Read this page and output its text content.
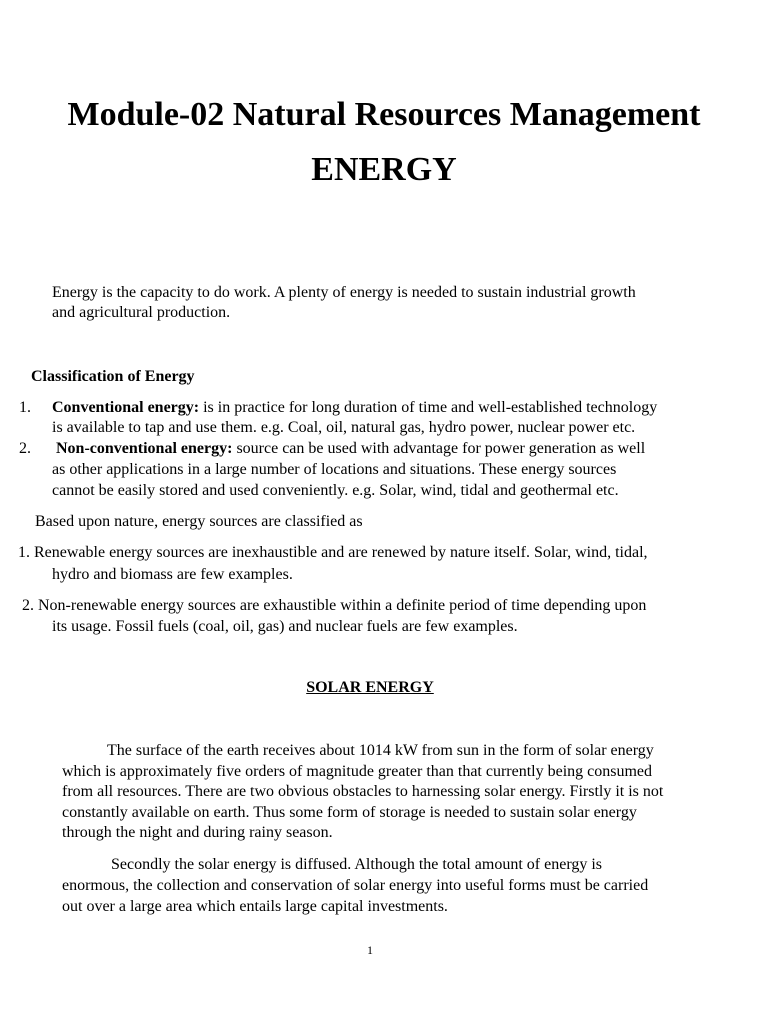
Module-02 Natural Resources Management
ENERGY

Energy is the capacity to do work. A plenty of energy is needed to sustain industrial growth

and agricultural production.

Classification of Energy

1. Conventional energy: is in practice for long duration of time and well-established technology

is available to tap and use them. e.g. Coal, oil, natural gas, hydro power, nuclear power etc.

2. Non-conventional energy: source can be used with advantage for power generation as well

as other applications in a large number of locations and situations. These energy sources

cannot be easily stored and used conveniently. e.g. Solar, wind, tidal and geothermal etc.

Based upon nature, energy sources are classified as

1. Renewable energy sources are inexhaustible and are renewed by nature itself. Solar, wind, tidal,

hydro and biomass are few examples.

2. Non-renewable energy sources are exhaustible within a definite period of time depending upon

its usage. Fossil fuels (coal, oil, gas) and nuclear fuels are few examples.

SOLAR ENERGY

The surface of the earth receives about 1014 kW from sun in the form of solar energy

which is approximately five orders of magnitude greater than that currently being consumed

from all resources. There are two obvious obstacles to harnessing solar energy. Firstly it is not

constantly available on earth. Thus some form of storage is needed to sustain solar energy

through the night and during rainy season.

Secondly the solar energy is diffused. Although the total amount of energy is

enormous, the collection and conservation of solar energy into useful forms must be carried

out over a large area which entails large capital investments.

1
